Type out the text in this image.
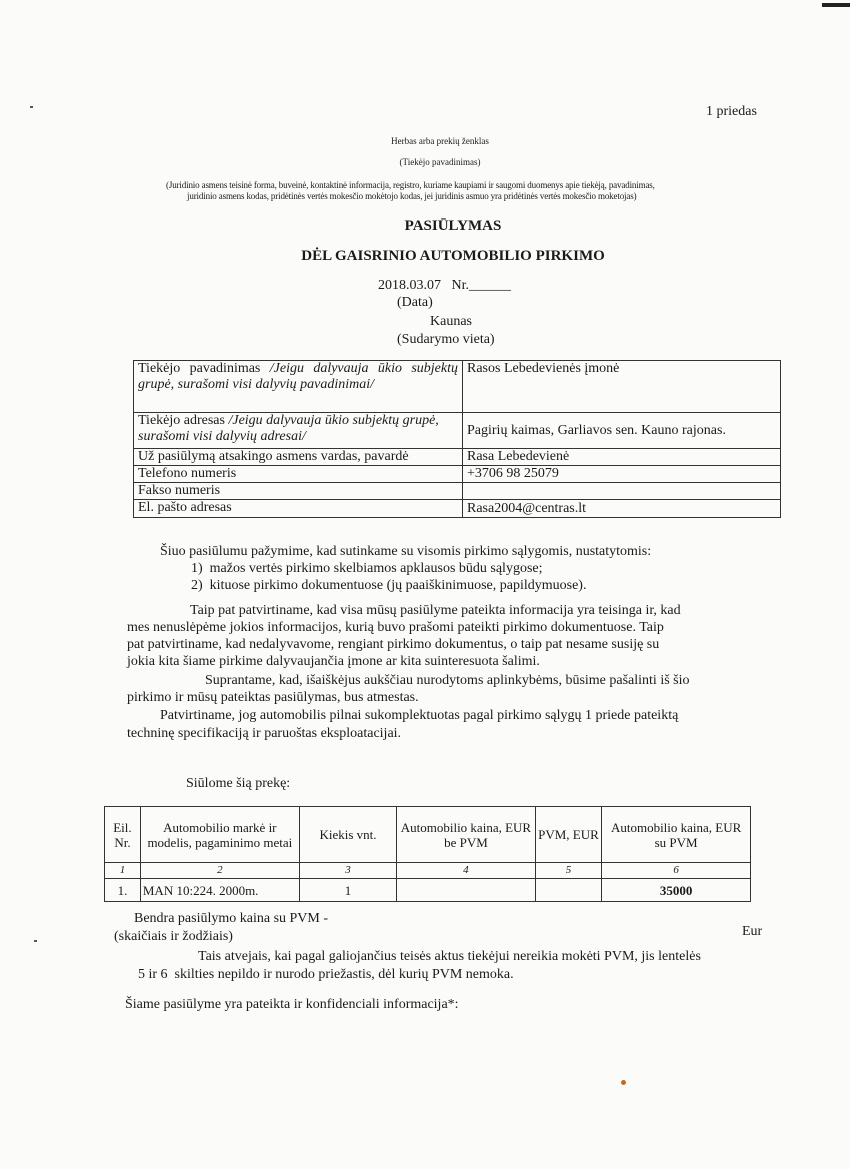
1 priedas
Herbas arba prekių ženklas
(Tiekėjo pavadinimas)
(Juridinio asmens teisinė forma, buveinė, kontaktinė informacija, registro, kuriame kaupiami ir saugomi duomenys apie tiekėją, pavadinimas,
juridinio asmens kodas, pridėtinės vertės mokesčio mokėtojo kodas, jei juridinis asmuo yra pridėtinės vertės mokesčio moketojas)
PASIŪLYMAS
DĖL GAISRINIO AUTOMOBILIO PIRKIMO
2018.03.07   Nr.______
(Data)
Kaunas
(Sudarymo vieta)
Tiekėjo pavadinimas /Jeigu dalyvauja ūkio subjektų grupė, surašomi visi dalyvių pavadinimai/	Rasos Lebedevienės įmonė
Tiekėjo adresas /Jeigu dalyvauja ūkio subjektų grupė, surašomi visi dalyvių adresai/	Pagirių kaimas, Garliavos sen. Kauno rajonas.
Už pasiūlymą atsakingo asmens vardas, pavardė	Rasa Lebedevienė
Telefono numeris	+3706 98 25079
Fakso numeris	
El. pašto adresas	Rasa2004@centras.lt
Šiuo pasiūlumu pažymime, kad sutinkame su visomis pirkimo sąlygomis, nustatytomis:
1)  mažos vertės pirkimo skelbiamos apklausos būdu sąlygose;
2)  kituose pirkimo dokumentuose (jų paaiškinimuose, papildymuose).
Taip pat patvirtiname, kad visa mūsų pasiūlyme pateikta informacija yra teisinga ir, kad
mes nenuslėpėme jokios informacijos, kurią buvo prašomi pateikti pirkimo dokumentuose. Taip
pat patvirtiname, kad nedalyvavome, rengiant pirkimo dokumentus, o taip pat nesame susiję su
jokia kita šiame pirkime dalyvaujančia įmone ar kita suinteresuota šalimi.
Suprantame, kad, išaiškėjus aukščiau nurodytoms aplinkybėms, būsime pašalinti iš šio
pirkimo ir mūsų pateiktas pasiūlymas, bus atmestas.
Patvirtiname, jog automobilis pilnai sukomplektuotas pagal pirkimo sąlygų 1 priede pateiktą
techninę specifikaciją ir paruoštas eksploatacijai.
Siūlome šią prekę:
Eil. Nr.	Automobilio markė ir modelis, pagaminimo metai	Kiekis vnt.	Automobilio kaina, EUR be PVM	PVM, EUR	Automobilio kaina, EUR su PVM
1	2	3	4	5	6
1.	MAN 10:224. 2000m.	1			35000
Bendra pasiūlymo kaina su PVM -
(skaičiais ir žodžiais)	Eur
Tais atvejais, kai pagal galiojančius teisės aktus tiekėjui nereikia mokėti PVM, jis lentelės
5 ir 6  skilties nepildo ir nurodo priežastis, dėl kurių PVM nemoka.
Šiame pasiūlyme yra pateikta ir konfidenciali informacija*:
